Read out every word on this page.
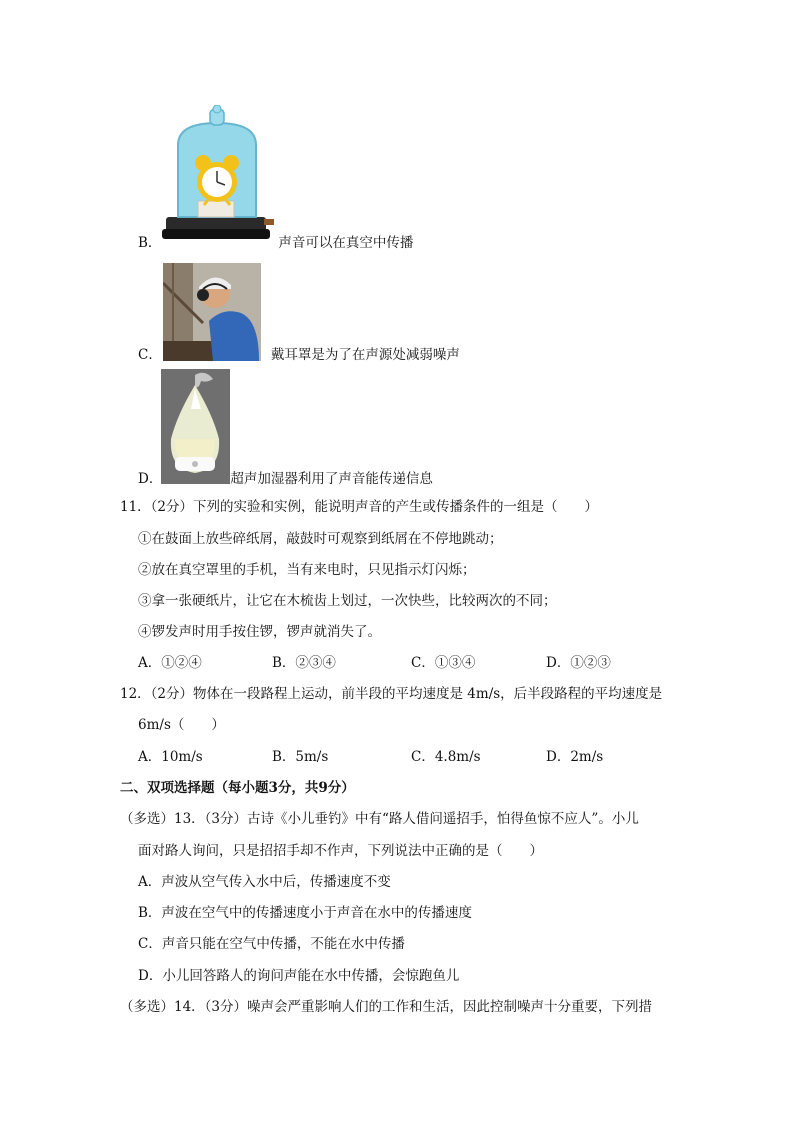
B．	声音可以在真空中传播
C．	戴耳罩是为了在声源处减弱噪声
D．	超声加湿器利用了声音能传递信息
11．（2分）下列的实验和实例，能说明声音的产生或传播条件的一组是（　　）
①在鼓面上放些碎纸屑，敲鼓时可观察到纸屑在不停地跳动；
②放在真空罩里的手机，当有来电时，只见指示灯闪烁；
③拿一张硬纸片，让它在木梳齿上划过，一次快些，比较两次的不同；
④锣发声时用手按住锣，锣声就消失了。
A．①②④	B．②③④	C．①③④	D．①②③
12．（2分）物体在一段路程上运动，前半段的平均速度是 4m/s，后半段路程的平均速度是
6m/s（　　）
A．10m/s	B．5m/s	C．4.8m/s	D．2m/s
二、双项选择题（每小题3分，共9分）
（多选）13．（3分）古诗《小儿垂钓》中有“路人借问遥招手，怕得鱼惊不应人”。小儿
面对路人询问，只是招招手却不作声，下列说法中正确的是（　　）
A．声波从空气传入水中后，传播速度不变
B．声波在空气中的传播速度小于声音在水中的传播速度
C．声音只能在空气中传播，不能在水中传播
D．小儿回答路人的询问声能在水中传播，会惊跑鱼儿
（多选）14．（3分）噪声会严重影响人们的工作和生活，因此控制噪声十分重要，下列措
